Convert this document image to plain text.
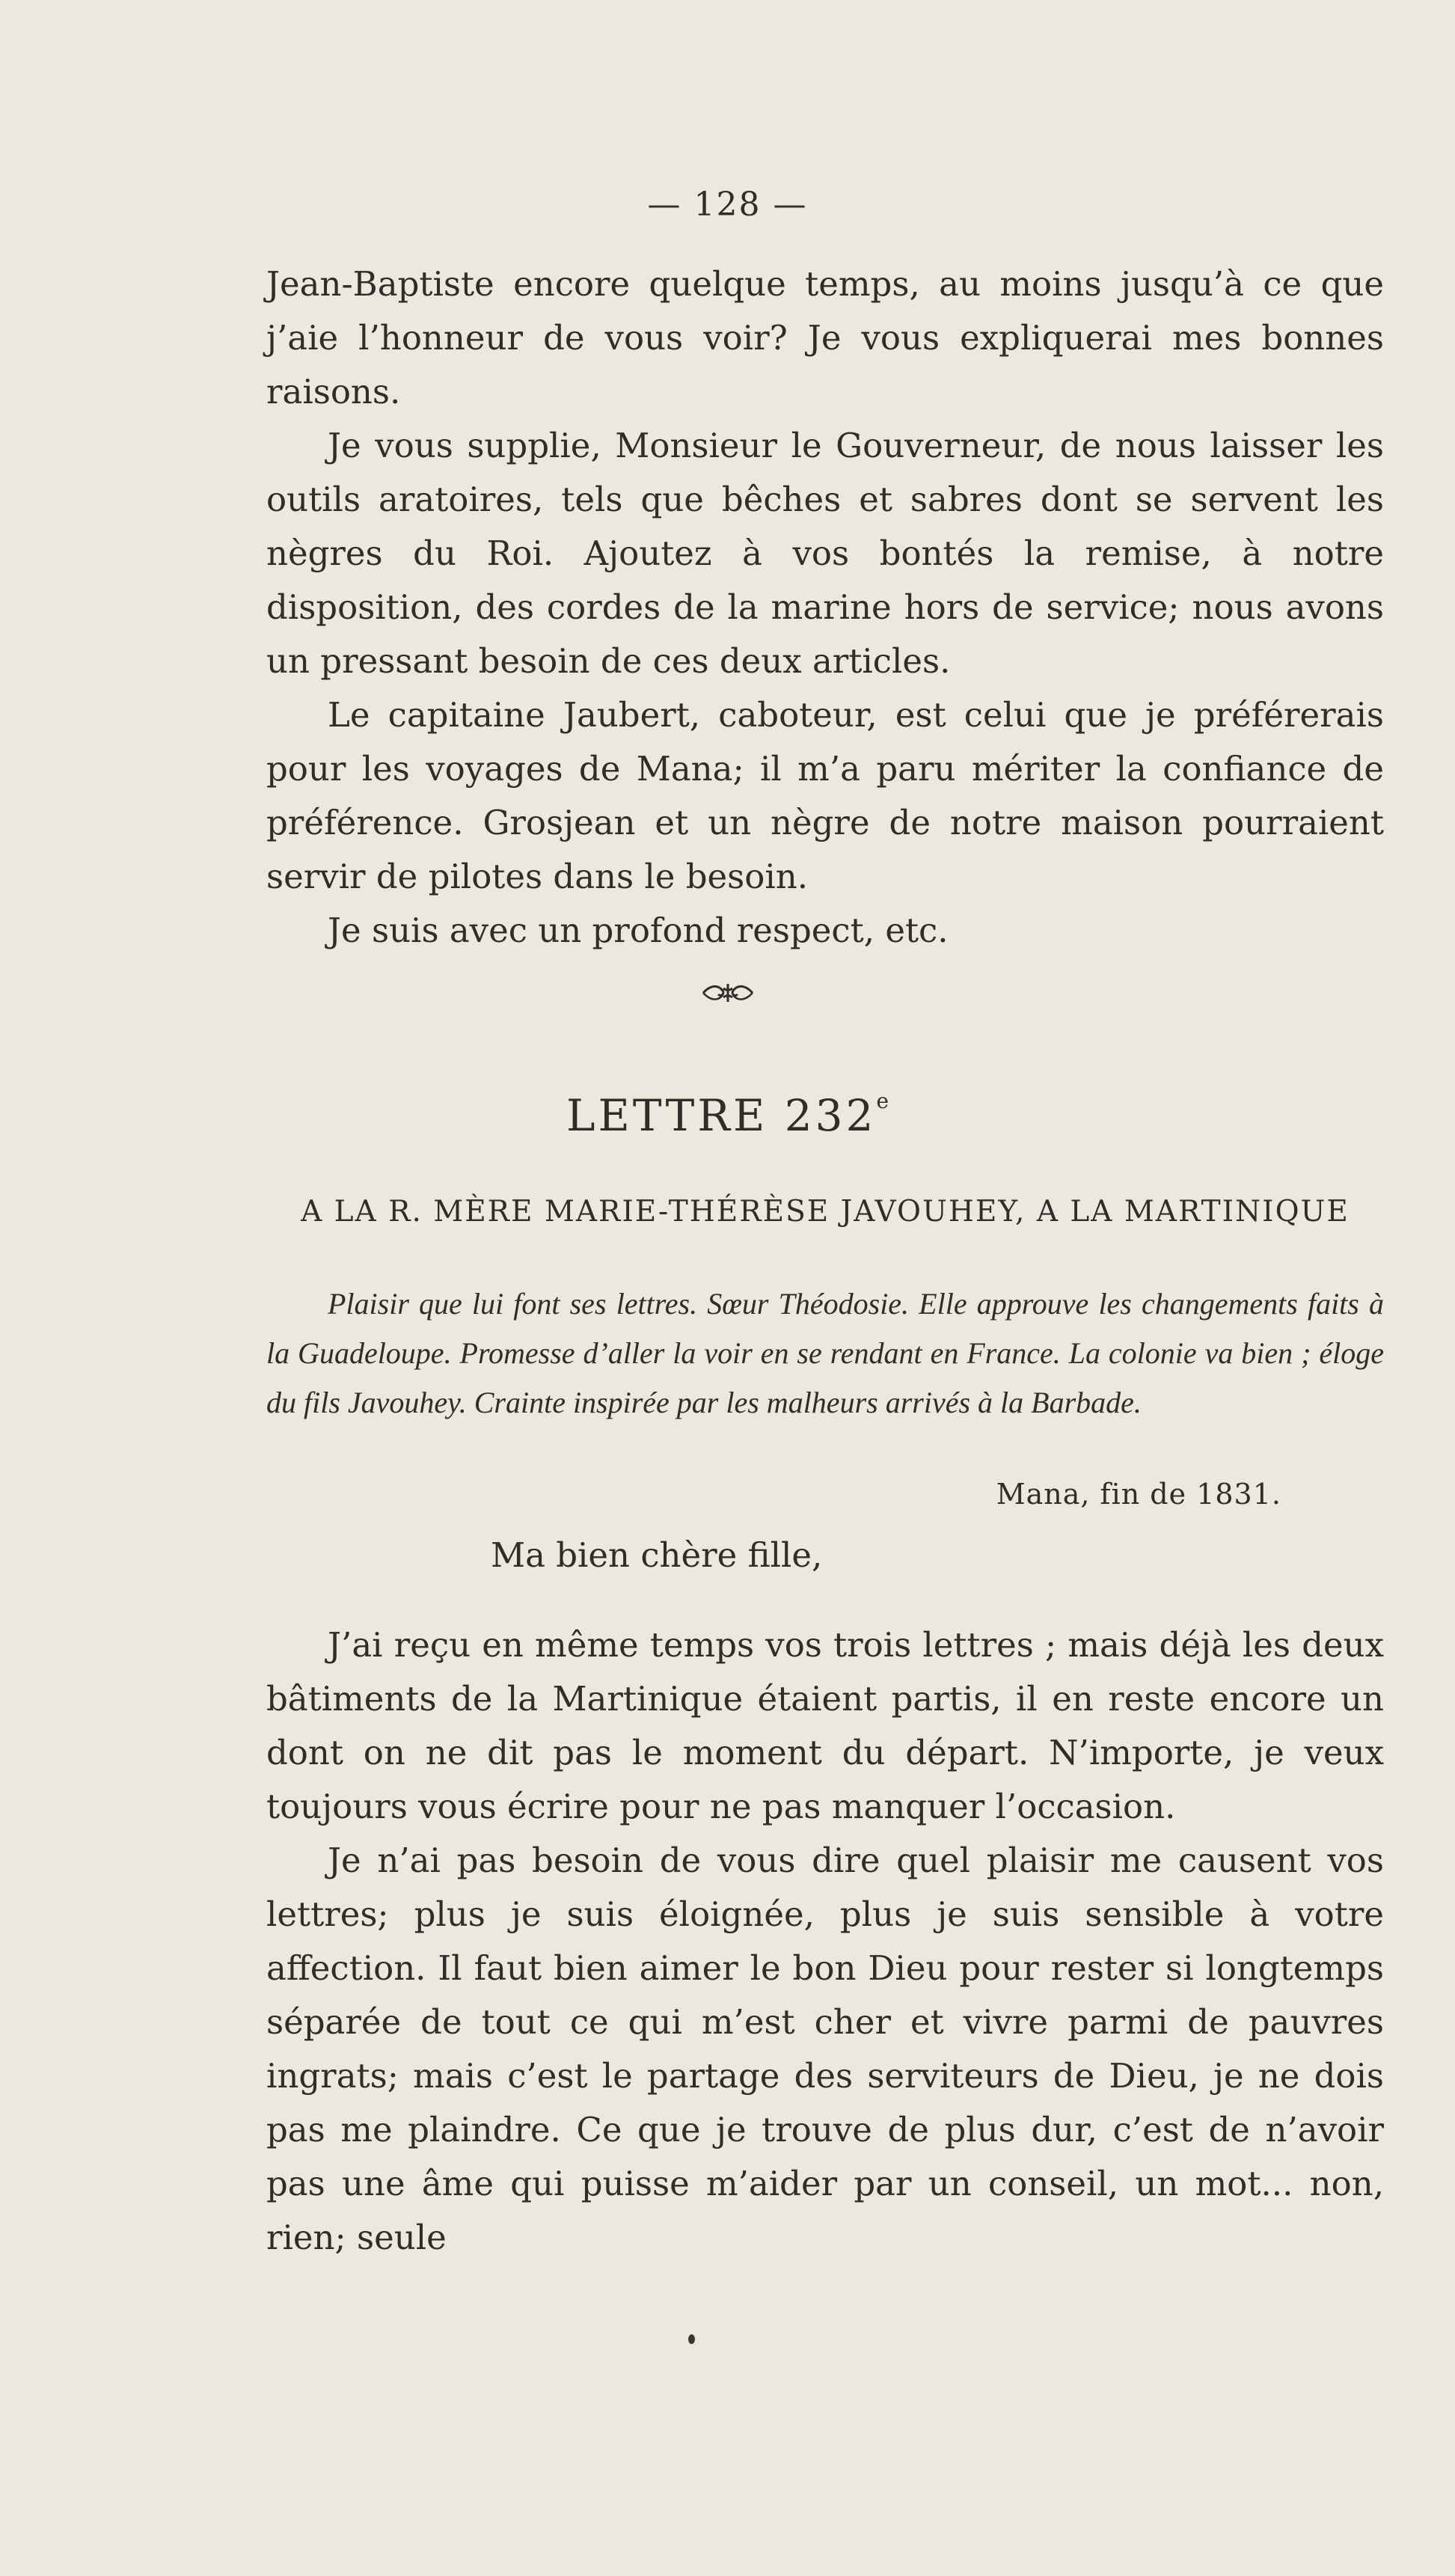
— 128 —

Jean-Baptiste encore quelque temps, au moins jusqu’à ce que j’aie l’honneur de vous voir? Je vous expliquerai mes bonnes raisons.

Je vous supplie, Monsieur le Gouverneur, de nous laisser les outils aratoires, tels que bêches et sabres dont se servent les nègres du Roi. Ajoutez à vos bontés la remise, à notre disposition, des cordes de la marine hors de service; nous avons un pressant besoin de ces deux articles.

Le capitaine Jaubert, caboteur, est celui que je préférerais pour les voyages de Mana; il m’a paru mériter la confiance de préférence. Grosjean et un nègre de notre maison pourraient servir de pilotes dans le besoin.

Je suis avec un profond respect, etc.

LETTRE 232e
A LA R. MÈRE MARIE-THÉRÈSE JAVOUHEY, A LA MARTINIQUE

Plaisir que lui font ses lettres. Sœur Théodosie. Elle approuve les changements faits à la Guadeloupe. Promesse d’aller la voir en se rendant en France. La colonie va bien ; éloge du fils Javouhey. Crainte inspirée par les malheurs arrivés à la Barbade.

Mana, fin de 1831.

Ma bien chère fille,

J’ai reçu en même temps vos trois lettres ; mais déjà les deux bâtiments de la Martinique étaient partis, il en reste encore un dont on ne dit pas le moment du départ. N’importe, je veux toujours vous écrire pour ne pas manquer l’occasion.

Je n’ai pas besoin de vous dire quel plaisir me causent vos lettres; plus je suis éloignée, plus je suis sensible à votre affection. Il faut bien aimer le bon Dieu pour rester si longtemps séparée de tout ce qui m’est cher et vivre parmi de pauvres ingrats; mais c’est le partage des serviteurs de Dieu, je ne dois pas me plaindre. Ce que je trouve de plus dur, c’est de n’avoir pas une âme qui puisse m’aider par un conseil, un mot... non, rien; seule
